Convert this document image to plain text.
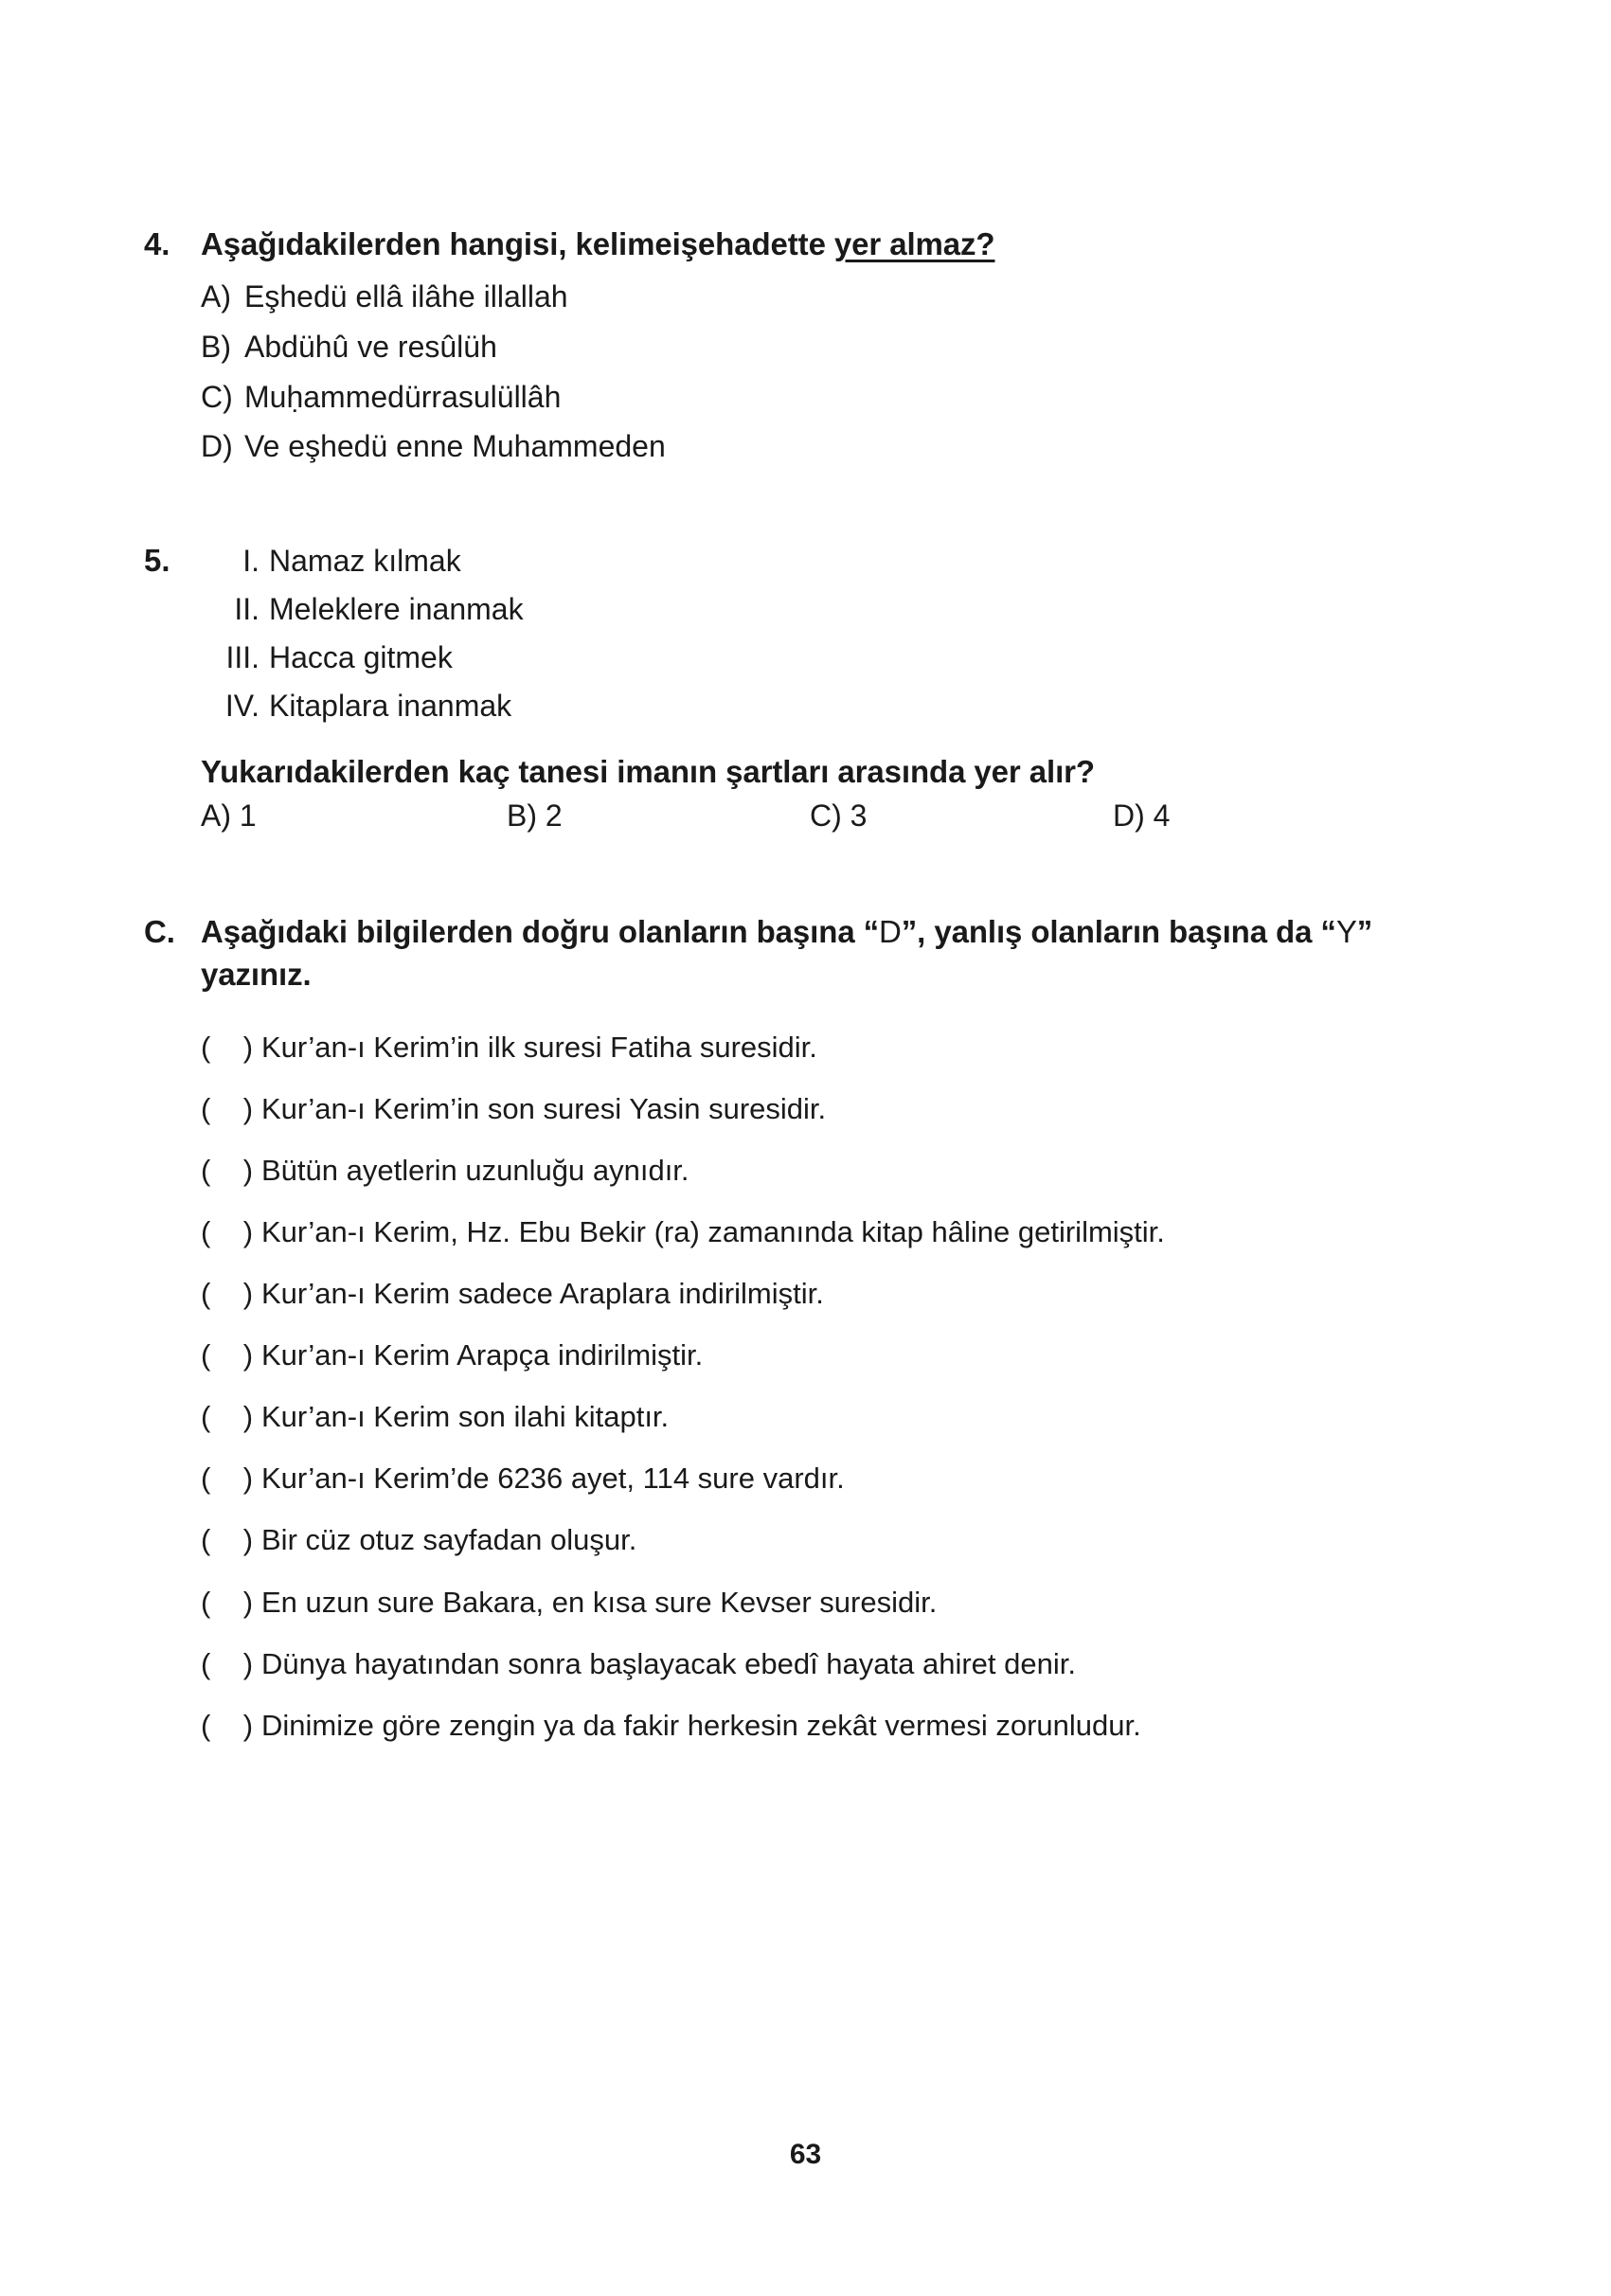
4. Aşağıdakilerden hangisi, kelimeişehadette yer almaz?
A) Eşhedü ellâ ilâhe illallah
B) Abdühû ve resûlüh
C) Muḥammedürrasulüllâh
D) Ve eşhedü enne Muhammeden
5.	I. Namaz kılmak
II. Meleklere inanmak
III. Hacca gitmek
IV. Kitaplara inanmak
Yukarıdakilerden kaç tanesi imanın şartları arasında yer alır?
A) 1	B) 2	C) 3	D) 4
C. Aşağıdaki bilgilerden doğru olanların başına “D”, yanlış olanların başına da “Y” yazınız.
(    ) Kur’an-ı Kerim’in ilk suresi Fatiha suresidir.
(    ) Kur’an-ı Kerim’in son suresi Yasin suresidir.
(    ) Bütün ayetlerin uzunluğu aynıdır.
(    ) Kur’an-ı Kerim, Hz. Ebu Bekir (ra) zamanında kitap hâline getirilmiştir.
(    ) Kur’an-ı Kerim sadece Araplara indirilmiştir.
(    ) Kur’an-ı Kerim Arapça indirilmiştir.
(    ) Kur’an-ı Kerim son ilahi kitaptır.
(    ) Kur’an-ı Kerim’de 6236 ayet, 114 sure vardır.
(    ) Bir cüz otuz sayfadan oluşur.
(    ) En uzun sure Bakara, en kısa sure Kevser suresidir.
(    ) Dünya hayatından sonra başlayacak ebedî hayata ahiret denir.
(    ) Dinimize göre zengin ya da fakir herkesin zekât vermesi zorunludur.
63
